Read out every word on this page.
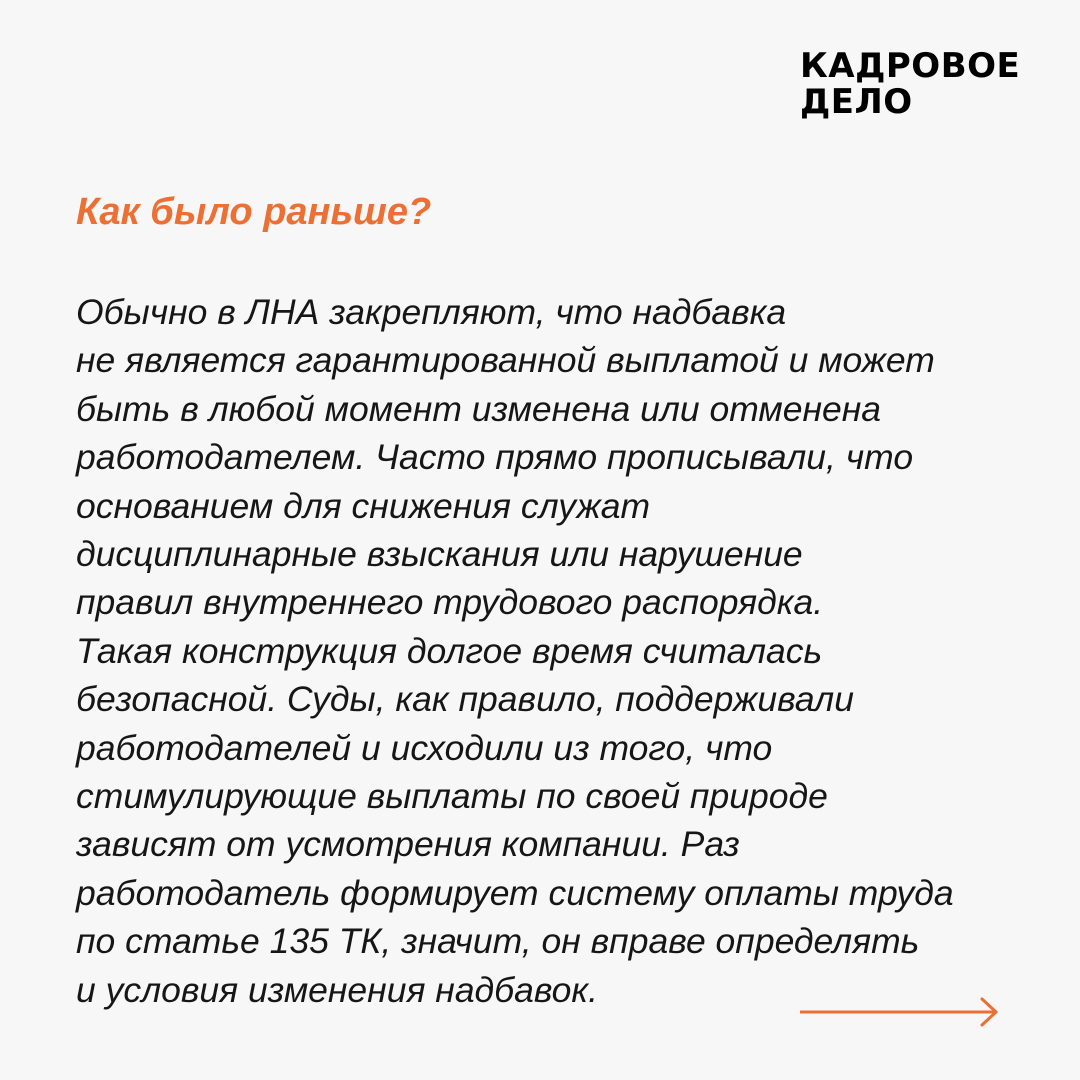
КАДРОВОЕ
ДЕЛО
Как было раньше?

Обычно в ЛНА закрепляют, что надбавка
не является гарантированной выплатой и может
быть в любой момент изменена или отменена
работодателем. Часто прямо прописывали, что
основанием для снижения служат
дисциплинарные взыскания или нарушение
правил внутреннего трудового распорядка.
Такая конструкция долгое время считалась
безопасной. Суды, как правило, поддерживали
работодателей и исходили из того, что
стимулирующие выплаты по своей природе
зависят от усмотрения компании. Раз
работодатель формирует систему оплаты труда
по статье 135 ТК, значит, он вправе определять
и условия изменения надбавок.
